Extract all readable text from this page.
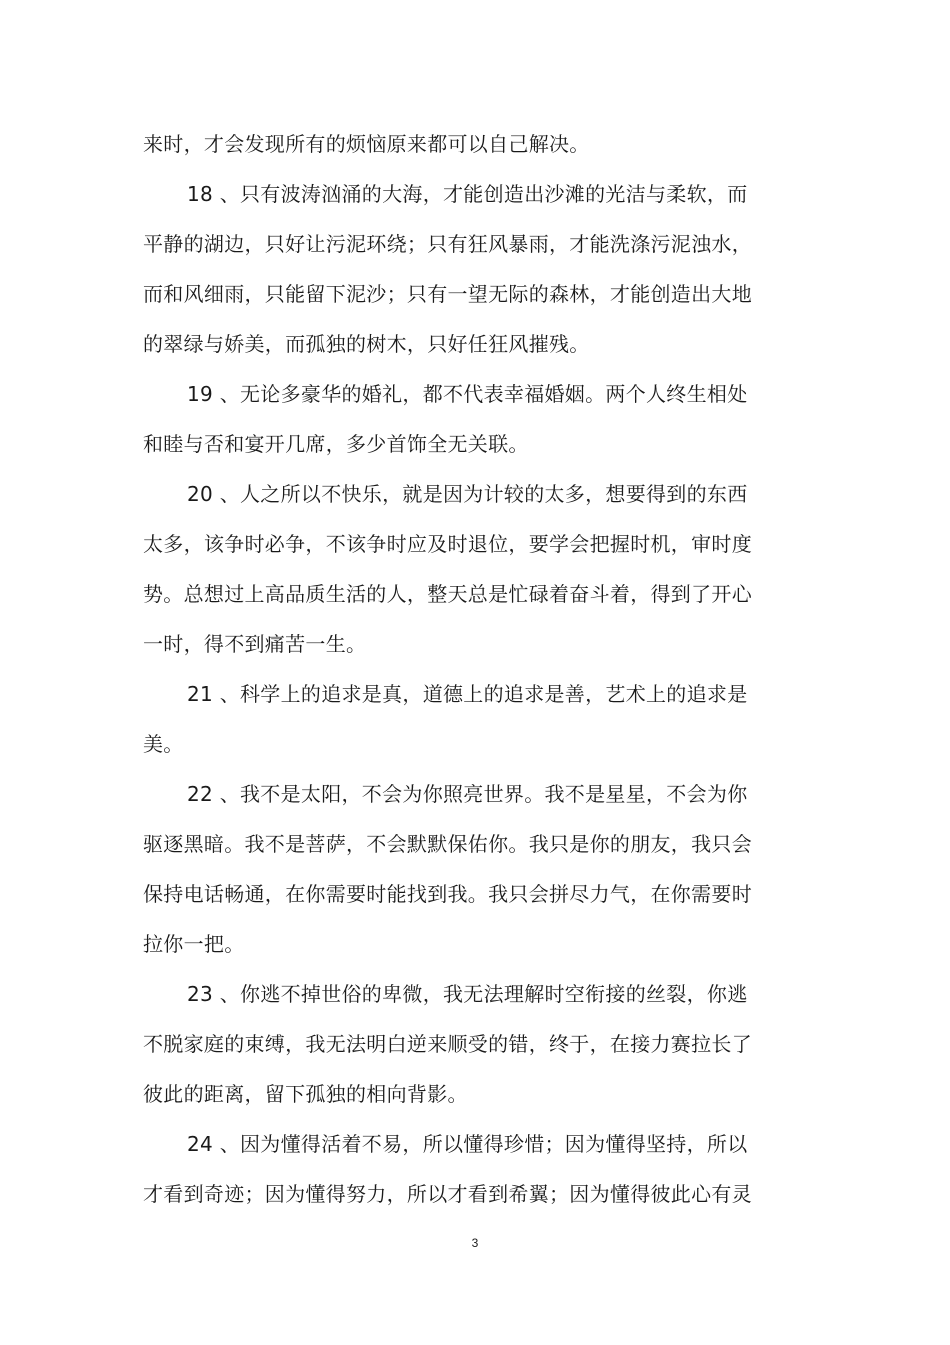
来时，才会发现所有的烦恼原来都可以自己解决。
18 、只有波涛汹涌的大海，才能创造出沙滩的光洁与柔软，而
平静的湖边，只好让污泥环绕；只有狂风暴雨，才能洗涤污泥浊水，
而和风细雨，只能留下泥沙；只有一望无际的森林，才能创造出大地
的翠绿与娇美，而孤独的树木，只好任狂风摧残。
19 、无论多豪华的婚礼，都不代表幸福婚姻。两个人终生相处
和睦与否和宴开几席，多少首饰全无关联。
20 、人之所以不快乐，就是因为计较的太多，想要得到的东西
太多，该争时必争，不该争时应及时退位，要学会把握时机，审时度
势。总想过上高品质生活的人，整天总是忙碌着奋斗着，得到了开心
一时，得不到痛苦一生。
21 、科学上的追求是真，道德上的追求是善，艺术上的追求是
美。
22 、我不是太阳，不会为你照亮世界。我不是星星，不会为你
驱逐黑暗。我不是菩萨，不会默默保佑你。我只是你的朋友，我只会
保持电话畅通，在你需要时能找到我。我只会拼尽力气，在你需要时
拉你一把。
23 、你逃不掉世俗的卑微，我无法理解时空衔接的丝裂，你逃
不脱家庭的束缚，我无法明白逆来顺受的错，终于，在接力赛拉长了
彼此的距离，留下孤独的相向背影。
24 、因为懂得活着不易，所以懂得珍惜；因为懂得坚持，所以
才看到奇迹；因为懂得努力，所以才看到希翼；因为懂得彼此心有灵
3
